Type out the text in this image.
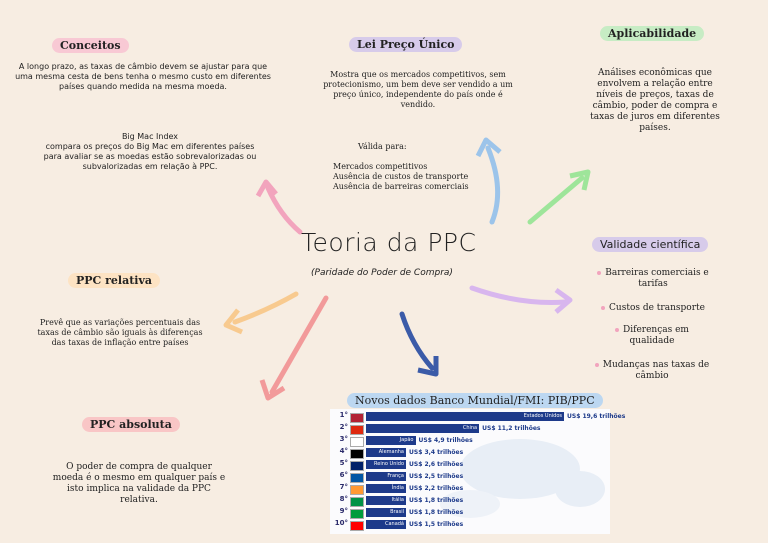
Teoria da PPC
(Paridade do Poder de Compra)
Conceitos
A longo prazo, as taxas de câmbio devem se ajustar para que uma mesma cesta de bens tenha o mesmo custo em diferentes países quando medida na mesma moeda.
Big Mac Index
compara os preços do Big Mac em diferentes países para avaliar se as moedas estão sobrevalorizadas ou subvalorizadas em relação à PPC.
Lei Preço Único
Mostra que os mercados competitivos, sem protecionismo, um bem deve ser vendido a um preço único, independente do país onde é vendido.
Válida para:
Mercados competitivos
Ausência de custos de transporte
Ausência de barreiras comerciais
Aplicabilidade
Análises econômicas que envolvem a relação entre níveis de preços, taxas de câmbio, poder de compra e taxas de juros em diferentes países.
Validade científica
Barreiras comerciais e tarifas
Custos de transporte
Diferenças em qualidade
Mudanças nas taxas de câmbio
PPC relativa
Prevê que as variações percentuais das taxas de câmbio são iguais às diferenças das taxas de inflação entre países
PPC absoluta
O poder de compra de qualquer moeda é o mesmo em qualquer país e isto implica na validade da PPC relativa.
Novos dados Banco Mundial/FMI: PIB/PPC
1°	Estados Unidos US$ 19,6 trilhões
2°	China US$ 11,2 trilhões
3°	Japão US$ 4,9 trilhões
4°	Alemanha US$ 3,4 trilhões
5°	Reino Unido US$ 2,6 trilhões
6°	França US$ 2,5 trilhões
7°	Índia US$ 2,2 trilhões
8°	Itália US$ 1,8 trilhões
9°	Brasil US$ 1,8 trilhões
10°	Canadá US$ 1,5 trilhões
